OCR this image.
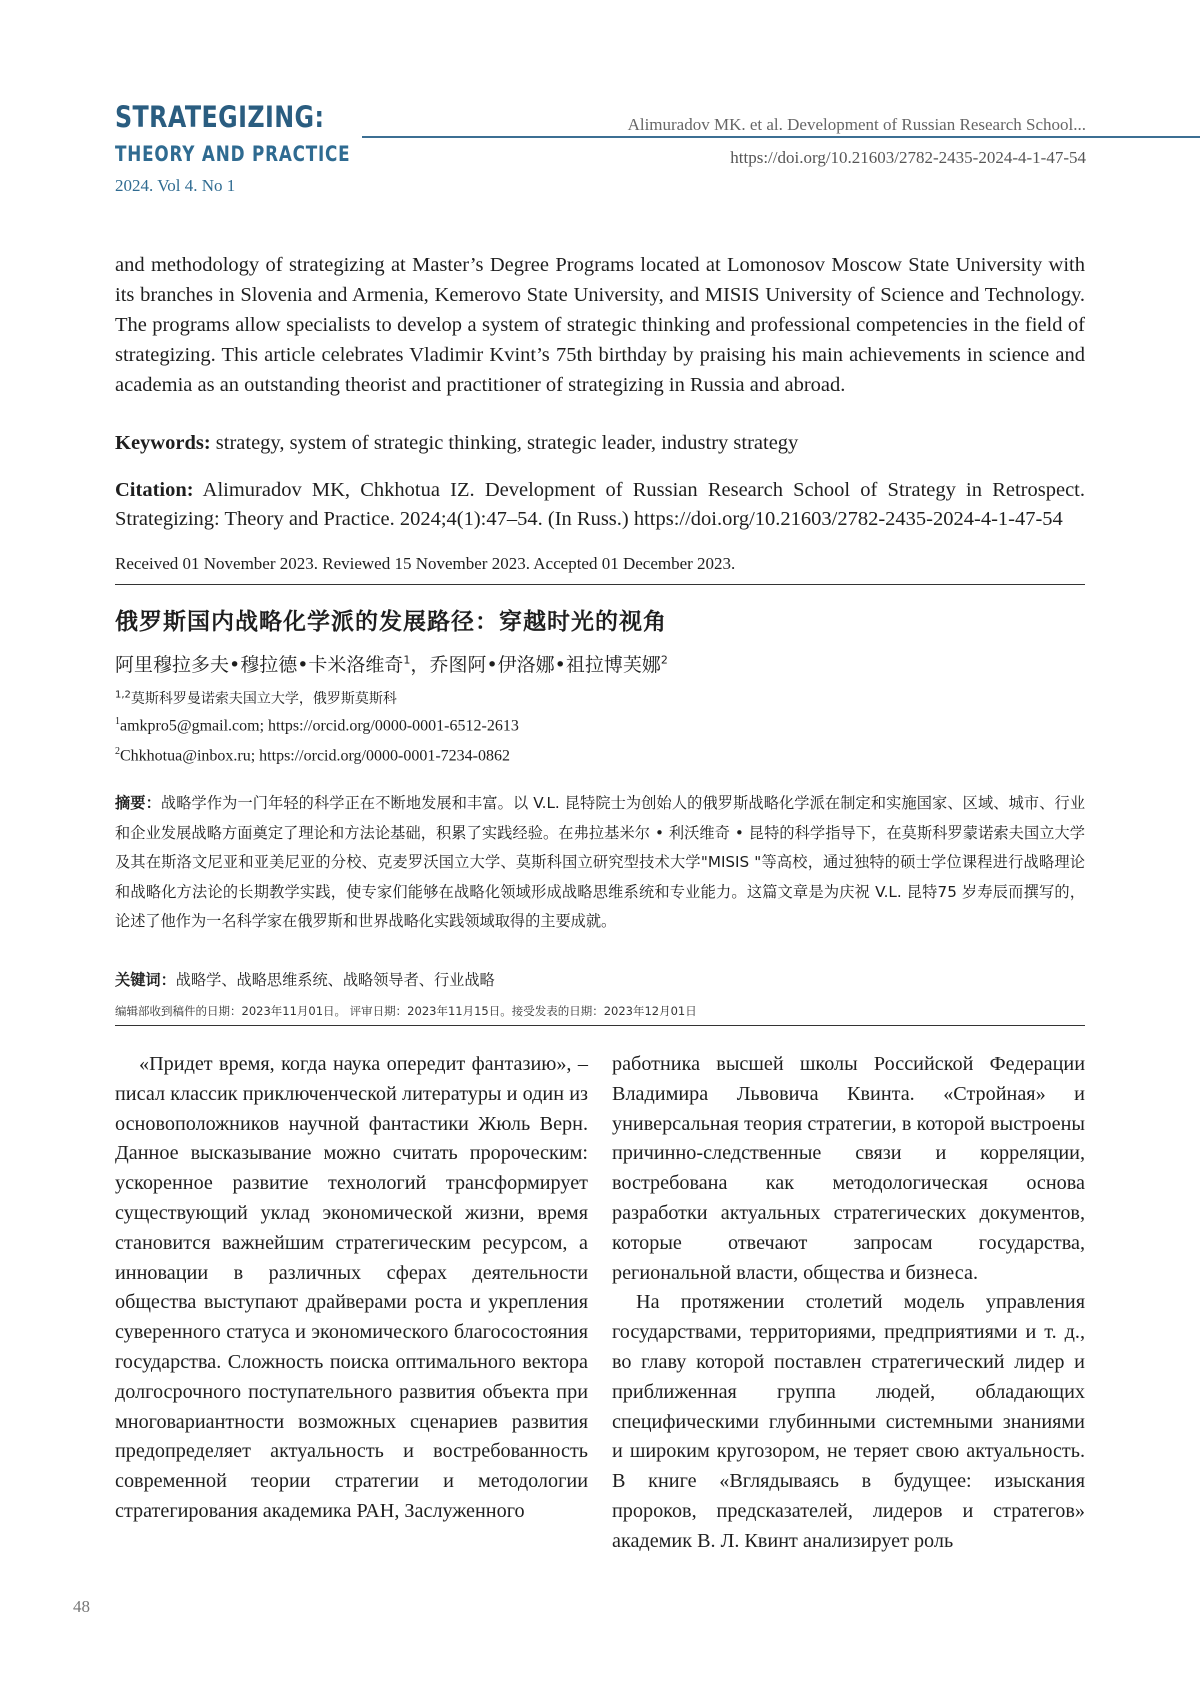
STRATEGIZING:
THEORY AND PRACTICE
2024. Vol 4. No 1
Alimuradov MK. et al. Development of Russian Research School...
https://doi.org/10.21603/2782-2435-2024-4-1-47-54

and methodology of strategizing at Master’s Degree Programs located at Lomonosov Moscow State University with its branches in Slovenia and Armenia, Kemerovo State University, and MISIS University of Science and Technology. The programs allow specialists to develop a system of strategic thinking and professional competencies in the field of strategizing. This article celebrates Vladimir Kvint’s 75th birthday by praising his main achievements in science and academia as an outstanding theorist and practitioner of strategizing in Russia and abroad.

Keywords: strategy, system of strategic thinking, strategic leader, industry strategy

Citation: Alimuradov MK, Chkhotua IZ. Development of Russian Research School of Strategy in Retrospect. Strategizing: Theory and Practice. 2024;4(1):47–54. (In Russ.) https://doi.org/10.21603/2782-2435-2024-4-1-47-54

Received 01 November 2023. Reviewed 15 November 2023. Accepted 01 December 2023.
俄罗斯国内战略化学派的发展路径：穿越时光的视角
阿里穆拉多夫•穆拉德•卡米洛维奇$^1$，乔图阿•伊洛娜•祖拉博芙娜$^2$
$^{1,2}$莫斯科罗曼诺索夫国立大学，俄罗斯莫斯科
$^1$amkpro5@gmail.com; https://orcid.org/0000-0001-6512-2613
$^2$Chkhotua@inbox.ru; https://orcid.org/0000-0001-7234-0862

摘要：战略学作为一门年轻的科学正在不断地发展和丰富。以 V.L. 昆特院士为创始人的俄罗斯战略化学派在制定和实施国家、区域、城市、行业和企业发展战略方面奠定了理论和方法论基础，积累了实践经验。在弗拉基米尔 • 利沃维奇 • 昆特的科学指导下，在莫斯科罗蒙诺索夫国立大学及其在斯洛文尼亚和亚美尼亚的分校、克麦罗沃国立大学、莫斯科国立研究型技术大学"MISIS "等高校，通过独特的硕士学位课程进行战略理论和战略化方法论的长期教学实践，使专家们能够在战略化领域形成战略思维系统和专业能力。这篇文章是为庆祝 V.L. 昆特75 岁寿辰而撰写的，论述了他作为一名科学家在俄罗斯和世界战略化实践领域取得的主要成就。

关键词：战略学、战略思维系统、战略领导者、行业战略
编辑部收到稿件的日期：2023年11月01日。 评审日期：2023年11月15日。接受发表的日期：2023年12月01日

«Придет время, когда наука опередит фантазию», – писал классик приключенческой литературы и один из основоположников научной фантастики Жюль Верн. Данное высказывание можно считать пророческим: ускоренное развитие технологий трансформирует существующий уклад экономической жизни, время становится важнейшим стратегическим ресурсом, а инновации в различных сферах деятельности общества выступают драйверами роста и укрепления суверенного статуса и экономического благосостояния государства. Сложность поиска оптимального вектора долгосрочного поступательного развития объекта при многовариантности возможных сценариев развития предопределяет актуальность и востребованность современной теории стратегии и методологии стратегирования академика РАН, Заслуженного

работника высшей школы Российской Федерации Владимира Львовича Квинта. «Стройная» и универсальная теория стратегии, в которой выстроены причинно-следственные связи и корреляции, востребована как методологическая основа разработки актуальных стратегических документов, которые отвечают запросам государства, региональной власти, общества и бизнеса.

На протяжении столетий модель управления государствами, территориями, предприятиями и т. д., во главу которой поставлен стратегический лидер и приближенная группа людей, обладающих специфическими глубинными системными знаниями и широким кругозором, не теряет свою актуальность. В книге «Вглядываясь в будущее: изыскания пророков, предсказателей, лидеров и стратегов» академик В. Л. Квинт анализирует роль

48
